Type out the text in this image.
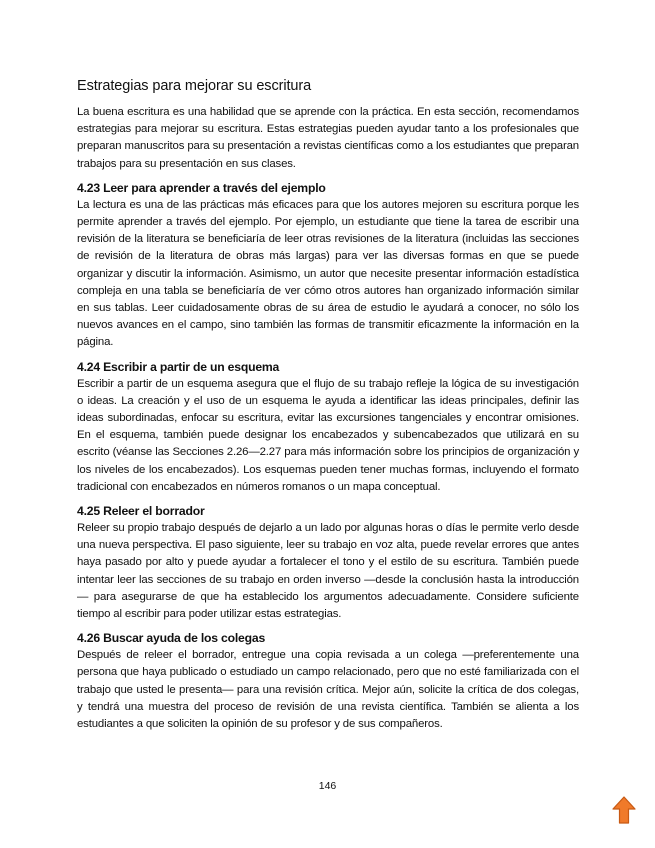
Estrategias para mejorar su escritura

La buena escritura es una habilidad que se aprende con la práctica. En esta sección, recomendamos estrategias para mejorar su escritura. Estas estrategias pueden ayudar tanto a los profesionales que preparan manuscritos para su presentación a revistas científicas como a los estudiantes que preparan trabajos para su presentación en sus clases.

4.23 Leer para aprender a través del ejemplo

La lectura es una de las prácticas más eficaces para que los autores mejoren su escritura porque les permite aprender a través del ejemplo. Por ejemplo, un estudiante que tiene la tarea de escribir una revisión de la literatura se beneficiaría de leer otras revisiones de la literatura (incluidas las secciones de revisión de la literatura de obras más largas) para ver las diversas formas en que se puede organizar y discutir la información. Asimismo, un autor que necesite presentar información estadística compleja en una tabla se beneficiaría de ver cómo otros autores han organizado información similar en sus tablas. Leer cuidadosamente obras de su área de estudio le ayudará a conocer, no sólo los nuevos avances en el campo, sino también las formas de transmitir eficazmente la información en la página.

4.24 Escribir a partir de un esquema

Escribir a partir de un esquema asegura que el flujo de su trabajo refleje la lógica de su investigación o ideas. La creación y el uso de un esquema le ayuda a identificar las ideas principales, definir las ideas subordinadas, enfocar su escritura, evitar las excursiones tangenciales y encontrar omisiones. En el esquema, también puede designar los encabezados y subencabezados que utilizará en su escrito (véanse las Secciones 2.26—2.27 para más información sobre los principios de organización y los niveles de los encabezados). Los esquemas pueden tener muchas formas, incluyendo el formato tradicional con encabezados en números romanos o un mapa conceptual.

4.25 Releer el borrador

Releer su propio trabajo después de dejarlo a un lado por algunas horas o días le permite verlo desde una nueva perspectiva. El paso siguiente, leer su trabajo en voz alta, puede revelar errores que antes haya pasado por alto y puede ayudar a fortalecer el tono y el estilo de su escritura. También puede intentar leer las secciones de su trabajo en orden inverso —desde la conclusión hasta la introducción— para asegurarse de que ha establecido los argumentos adecuadamente. Considere suficiente tiempo al escribir para poder utilizar estas estrategias.

4.26 Buscar ayuda de los colegas

Después de releer el borrador, entregue una copia revisada a un colega —preferentemente una persona que haya publicado o estudiado un campo relacionado, pero que no esté familiarizada con el trabajo que usted le presenta— para una revisión crítica. Mejor aún, solicite la crítica de dos colegas, y tendrá una muestra del proceso de revisión de una revista científica. También se alienta a los estudiantes a que soliciten la opinión de su profesor y de sus compañeros.

146
